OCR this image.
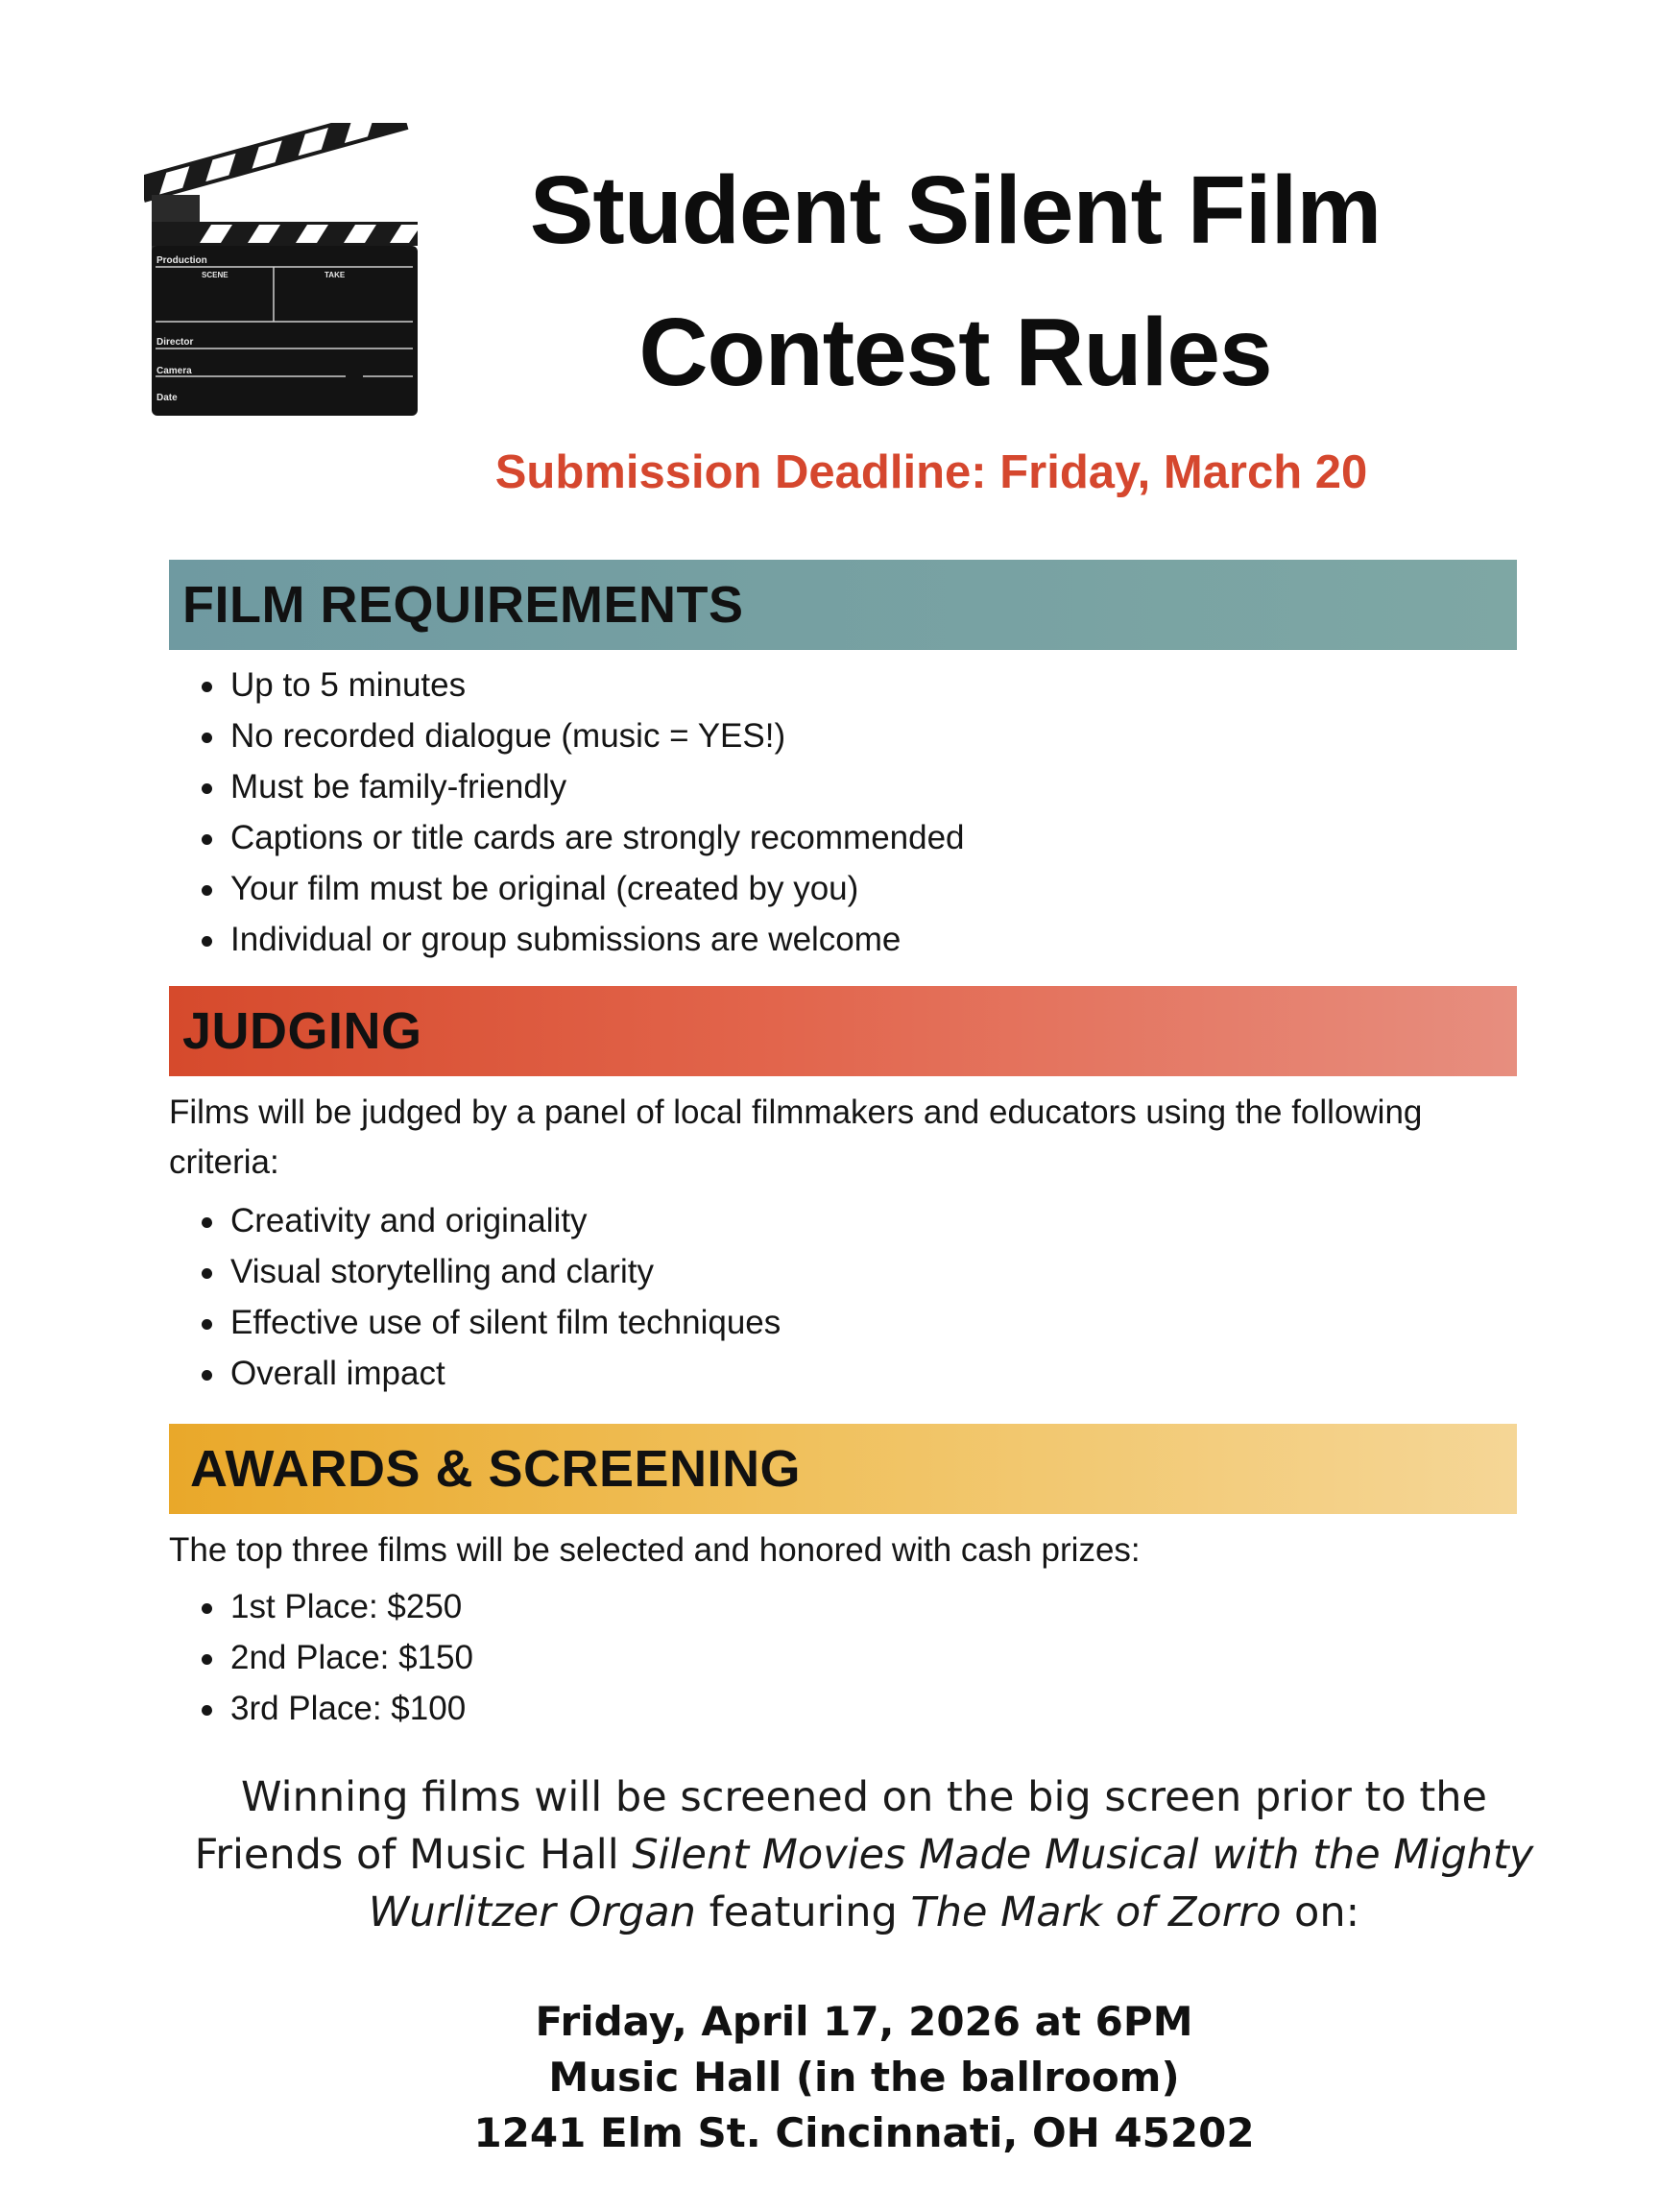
Production
SCENE	TAKE
Director
Camera
Date
Student Silent Film
Contest Rules

Submission Deadline: Friday, March 20

FILM REQUIREMENTS
Up to 5 minutes
No recorded dialogue (music = YES!)
Must be family-friendly
Captions or title cards are strongly recommended
Your film must be original (created by you)
Individual or group submissions are welcome
JUDGING

Films will be judged by a panel of local filmmakers and educators using the following criteria:

Creativity and originality
Visual storytelling and clarity
Effective use of silent film techniques
Overall impact
AWARDS & SCREENING

The top three films will be selected and honored with cash prizes:

1st Place: $250
2nd Place: $150
3rd Place: $100

Winning films will be screened on the big screen prior to the Friends of Music Hall Silent Movies Made Musical with the Mighty Wurlitzer Organ featuring The Mark of Zorro on:

Friday, April 17, 2026 at 6PM
Music Hall (in the ballroom)
1241 Elm St. Cincinnati, OH 45202
